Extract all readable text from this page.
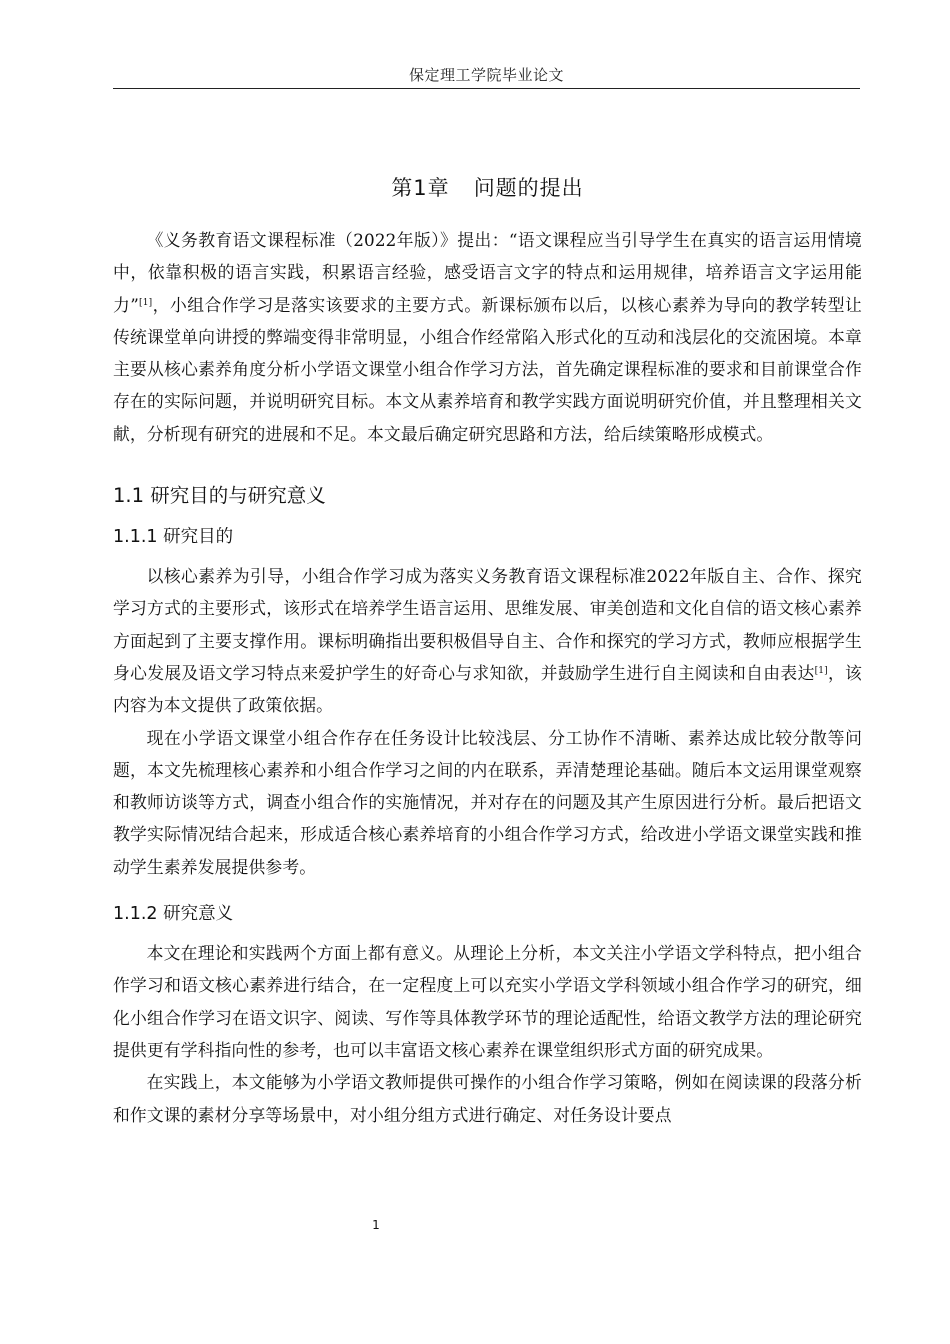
保定理工学院毕业论文
第1章 问题的提出

《义务教育语文课程标准（2022年版）》提出：“语文课程应当引导学生在真实的语言运用情境中，依靠积极的语言实践，积累语言经验，感受语言文字的特点和运用规律，培养语言文字运用能力”[1]，小组合作学习是落实该要求的主要方式。新课标颁布以后，以核心素养为导向的教学转型让传统课堂单向讲授的弊端变得非常明显，小组合作经常陷入形式化的互动和浅层化的交流困境。本章主要从核心素养角度分析小学语文课堂小组合作学习方法，首先确定课程标准的要求和目前课堂合作存在的实际问题，并说明研究目标。本文从素养培育和教学实践方面说明研究价值，并且整理相关文献，分析现有研究的进展和不足。本文最后确定研究思路和方法，给后续策略形成模式。

1.1 研究目的与研究意义
1.1.1 研究目的

以核心素养为引导，小组合作学习成为落实义务教育语文课程标准2022年版自主、合作、探究学习方式的主要形式，该形式在培养学生语言运用、思维发展、审美创造和文化自信的语文核心素养方面起到了主要支撑作用。课标明确指出要积极倡导自主、合作和探究的学习方式，教师应根据学生身心发展及语文学习特点来爱护学生的好奇心与求知欲，并鼓励学生进行自主阅读和自由表达[1]，该内容为本文提供了政策依据。

现在小学语文课堂小组合作存在任务设计比较浅层、分工协作不清晰、素养达成比较分散等问题，本文先梳理核心素养和小组合作学习之间的内在联系，弄清楚理论基础。随后本文运用课堂观察和教师访谈等方式，调查小组合作的实施情况，并对存在的问题及其产生原因进行分析。最后把语文教学实际情况结合起来，形成适合核心素养培育的小组合作学习方式，给改进小学语文课堂实践和推动学生素养发展提供参考。

1.1.2 研究意义

本文在理论和实践两个方面上都有意义。从理论上分析，本文关注小学语文学科特点，把小组合作学习和语文核心素养进行结合，在一定程度上可以充实小学语文学科领域小组合作学习的研究，细化小组合作学习在语文识字、阅读、写作等具体教学环节的理论适配性，给语文教学方法的理论研究提供更有学科指向性的参考，也可以丰富语文核心素养在课堂组织形式方面的研究成果。

在实践上，本文能够为小学语文教师提供可操作的小组合作学习策略，例如在阅读课的段落分析和作文课的素材分享等场景中，对小组分组方式进行确定、对任务设计要点

1
